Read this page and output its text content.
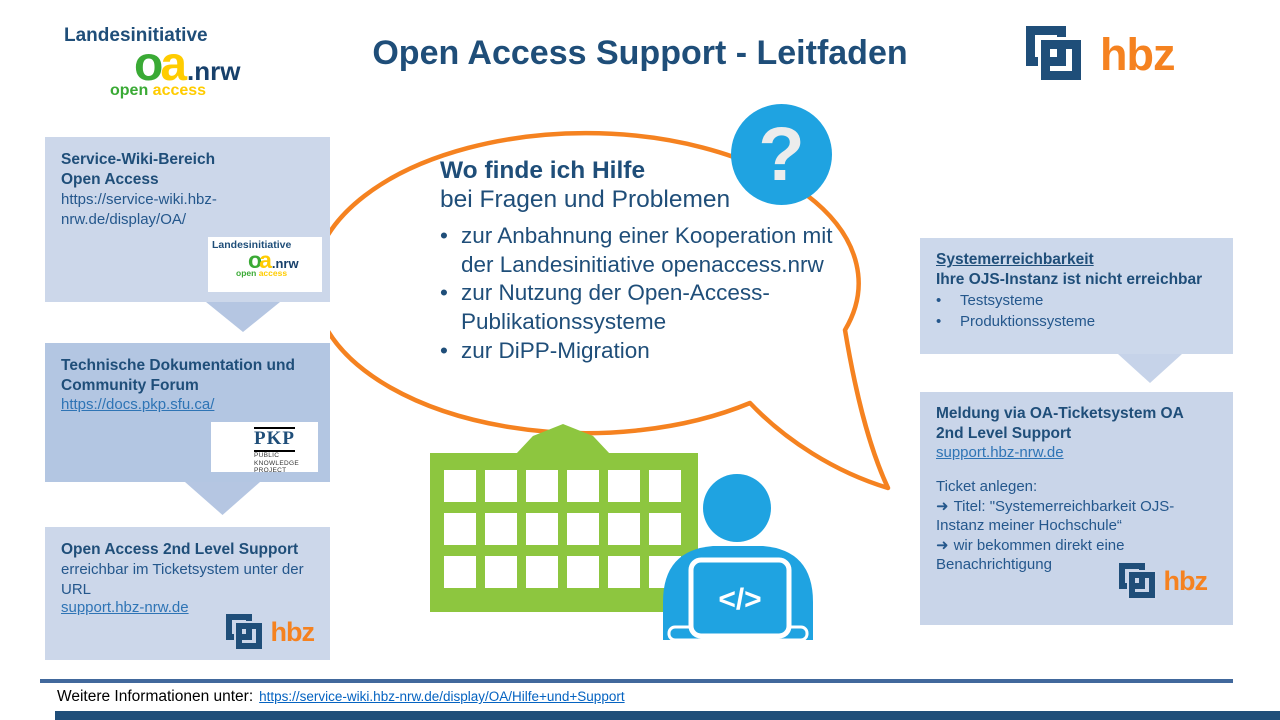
Landesinitiative
oa.nrw
open access
Open Access Support - Leitfaden	hbz
Service-Wiki-Bereich
Open Access
https://service-wiki.hbz-nrw.de/display/OA/
Landesinitiative
oa.nrw
open access
Technische Dokumentation und
Community Forum
https://docs.pkp.sfu.ca/
PKP
PUBLIC
KNOWLEDGE
PROJECT
Open Access 2nd Level Support
erreichbar im Ticketsystem unter der URL
support.hbz-nrw.de
hbz
Wo finde ich Hilfe
bei Fragen und Problemen
• zur Anbahnung einer Kooperation mit der Landesinitiative openaccess.nrw
• zur Nutzung der Open-Access-Publikationssysteme
• zur DiPP-Migration
?
</>
Systemerreichbarkeit
Ihre OJS-Instanz ist nicht erreichbar
•	Testsysteme
•	Produktionssysteme
Meldung via OA-Ticketsystem OA
2nd Level Support
support.hbz-nrw.de
Ticket anlegen:
➜ Titel: "Systemerreichbarkeit OJS-Instanz meiner Hochschule“
➜ wir bekommen direkt eine Benachrichtigung
hbz
Weitere Informationen unter: https://service-wiki.hbz-nrw.de/display/OA/Hilfe+und+Support
